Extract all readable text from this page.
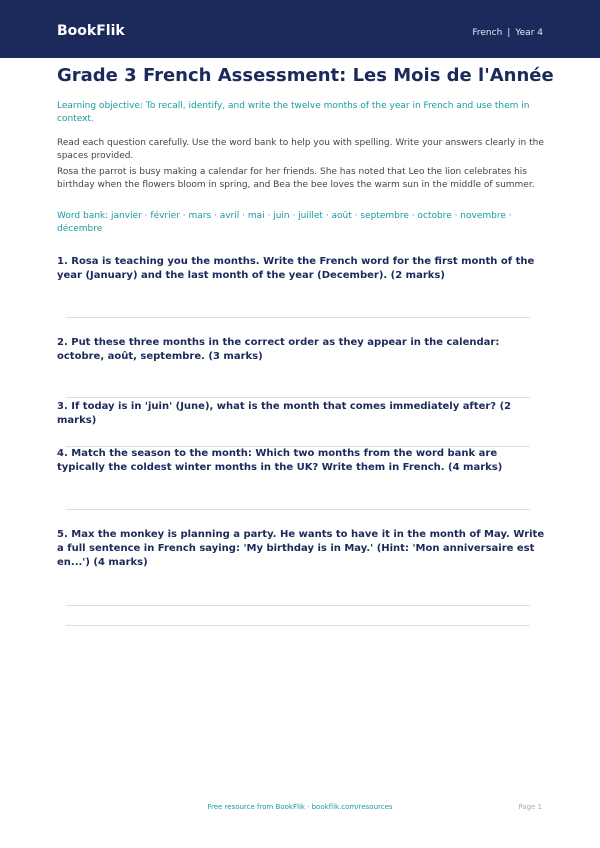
BookFlik	French | Year 4
Grade 3 French Assessment: Les Mois de l'Année
Learning objective: To recall, identify, and write the twelve months of the year in French and use them in context.
Read each question carefully. Use the word bank to help you with spelling. Write your answers clearly in the spaces provided.
Rosa the parrot is busy making a calendar for her friends. She has noted that Leo the lion celebrates his birthday when the flowers bloom in spring, and Bea the bee loves the warm sun in the middle of summer.
Word bank: janvier · février · mars · avril · mai · juin · juillet · août · septembre · octobre · novembre · décembre
1. Rosa is teaching you the months. Write the French word for the first month of the year (January) and the last month of the year (December). (2 marks)
2. Put these three months in the correct order as they appear in the calendar: octobre, août, septembre. (3 marks)
3. If today is in 'juin' (June), what is the month that comes immediately after? (2 marks)
4. Match the season to the month: Which two months from the word bank are typically the coldest winter months in the UK? Write them in French. (4 marks)
5. Max the monkey is planning a party. He wants to have it in the month of May. Write a full sentence in French saying: 'My birthday is in May.' (Hint: 'Mon anniversaire est en...') (4 marks)
Free resource from BookFlik · bookflik.com/resources	Page 1
